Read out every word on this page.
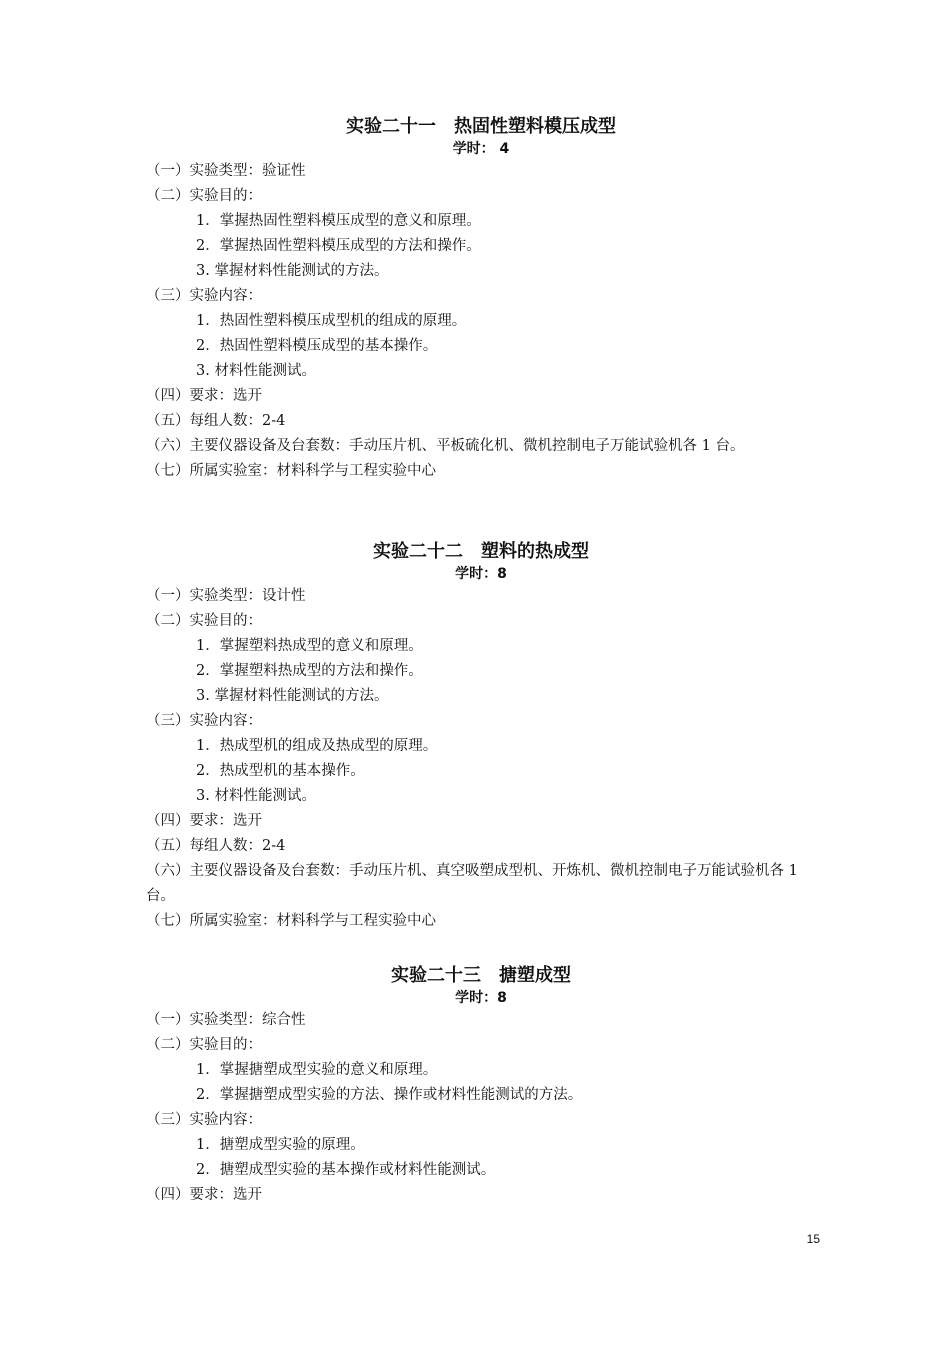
实验二十一　热固性塑料模压成型
学时： 4
（一）实验类型：验证性
（二）实验目的：
1．掌握热固性塑料模压成型的意义和原理。
2．掌握热固性塑料模压成型的方法和操作。
3. 掌握材料性能测试的方法。
（三）实验内容：
1．热固性塑料模压成型机的组成的原理。
2．热固性塑料模压成型的基本操作。
3. 材料性能测试。
（四）要求：选开
（五）每组人数：2-4
（六）主要仪器设备及台套数：手动压片机、平板硫化机、微机控制电子万能试验机各 1 台。
（七）所属实验室：材料科学与工程实验中心
实验二十二　塑料的热成型
学时：8
（一）实验类型：设计性
（二）实验目的：
1．掌握塑料热成型的意义和原理。
2．掌握塑料热成型的方法和操作。
3. 掌握材料性能测试的方法。
（三）实验内容：
1．热成型机的组成及热成型的原理。
2．热成型机的基本操作。
3. 材料性能测试。
（四）要求：选开
（五）每组人数：2-4
（六）主要仪器设备及台套数：手动压片机、真空吸塑成型机、开炼机、微机控制电子万能试验机各 1 台。
（七）所属实验室：材料科学与工程实验中心
实验二十三　搪塑成型
学时：8
（一）实验类型：综合性
（二）实验目的：
1．掌握搪塑成型实验的意义和原理。
2．掌握搪塑成型实验的方法、操作或材料性能测试的方法。
（三）实验内容：
1．搪塑成型实验的原理。
2．搪塑成型实验的基本操作或材料性能测试。
（四）要求：选开
15
